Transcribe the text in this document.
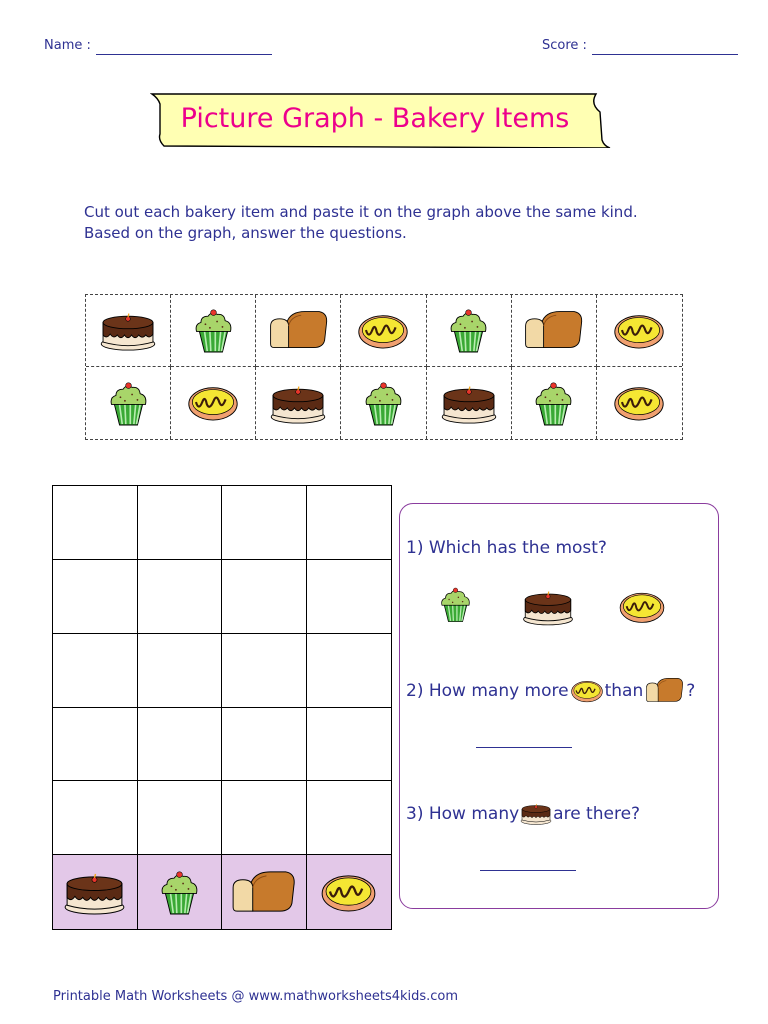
Name :	Score :
Picture Graph - Bakery Items
Cut out each bakery item and paste it on the graph above the same kind.
Based on the graph, answer the questions.
1) Which has the most?
2) How many more than	?
3) How many are there?
Printable Math Worksheets @ www.mathworksheets4kids.com
